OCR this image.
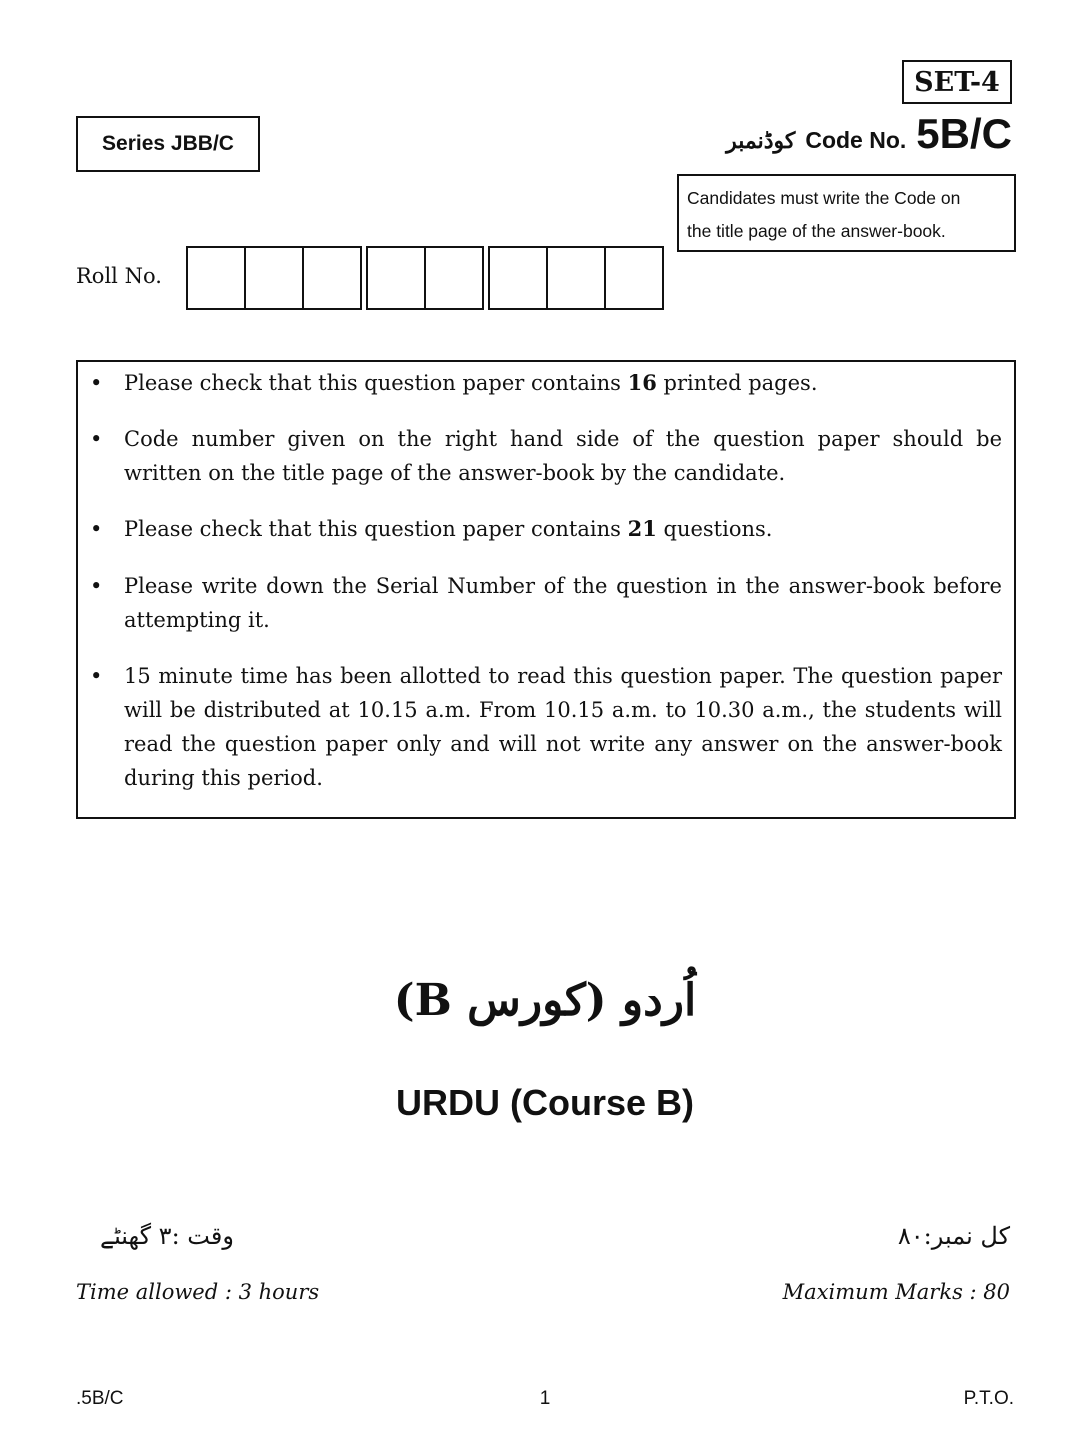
SET-4
Series JBB/C	کوڈنمبر Code No. 5B/C
Candidates must write the Code on
the title page of the answer-book.
Roll No.
• Please check that this question paper contains 16 printed pages.
• Code number given on the right hand side of the question paper should be written on the title page of the answer-book by the candidate.
• Please check that this question paper contains 21 questions.
• Please write down the Serial Number of the question in the answer-book before attempting it.
• 15 minute time has been allotted to read this question paper. The question paper will be distributed at 10.15 a.m. From 10.15 a.m. to 10.30 a.m., the students will read the question paper only and will not write any answer on the answer-book during this period.
اُردو (کورس B)
URDU (Course B)
وقت :۳ گھنٹے	کل نمبر:۸۰
Time allowed : 3 hours	Maximum Marks : 80
.5B/C	1	P.T.O.
